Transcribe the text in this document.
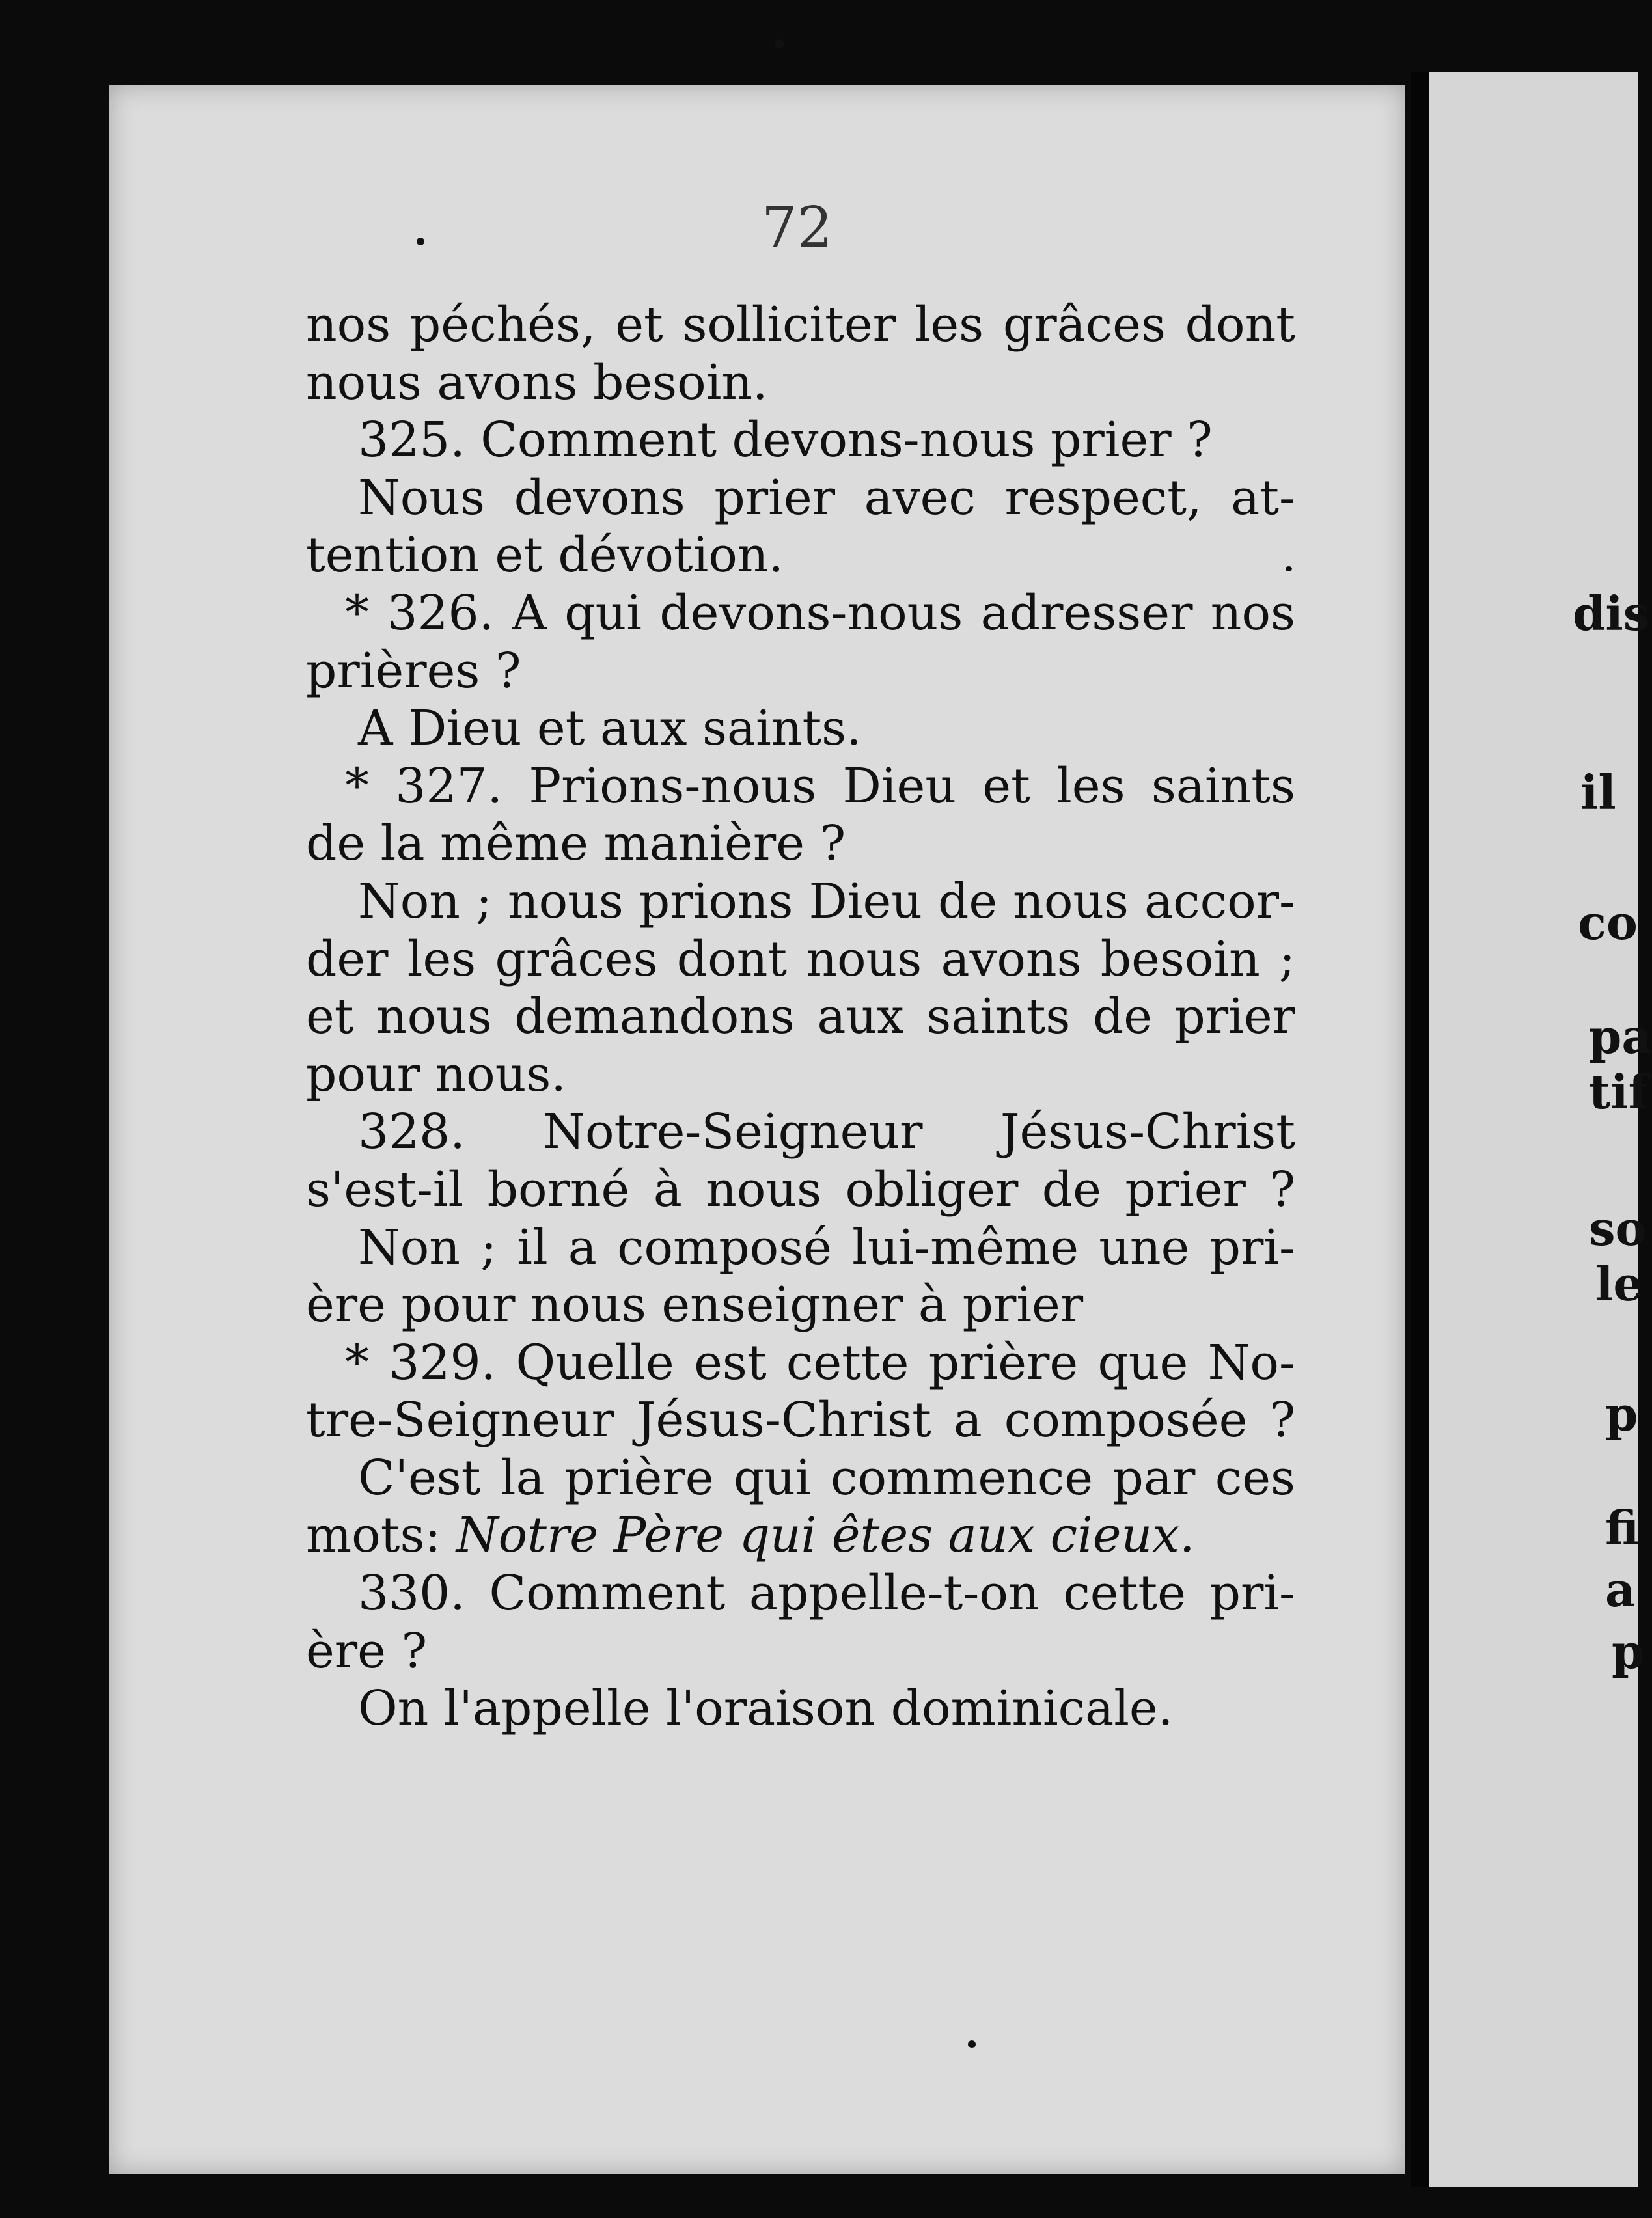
dis
il
co
pa
tif
so
le
p
fi
a
p
72
nos péchés, et solliciter les grâces dont
nous avons besoin.
325. Comment devons-nous prier ?
Nous devons prier avec respect, at-
tention et dévotion.
* 326. A qui devons-nous adresser nos
prières ?
A Dieu et aux saints.
* 327. Prions-nous Dieu et les saints
de la même manière ?
Non ; nous prions Dieu de nous accor-
der les grâces dont nous avons besoin ;
et nous demandons aux saints de prier
pour nous.
328. Notre-Seigneur Jésus-Christ
s'est-il borné à nous obliger de prier ?
Non ; il a composé lui-même une pri-
ère pour nous enseigner à prier
* 329. Quelle est cette prière que No-
tre-Seigneur Jésus-Christ a composée ?
C'est la prière qui commence par ces
mots: Notre Père qui êtes aux cieux.
330. Comment appelle-t-on cette pri-
ère ?
On l'appelle l'oraison dominicale.
